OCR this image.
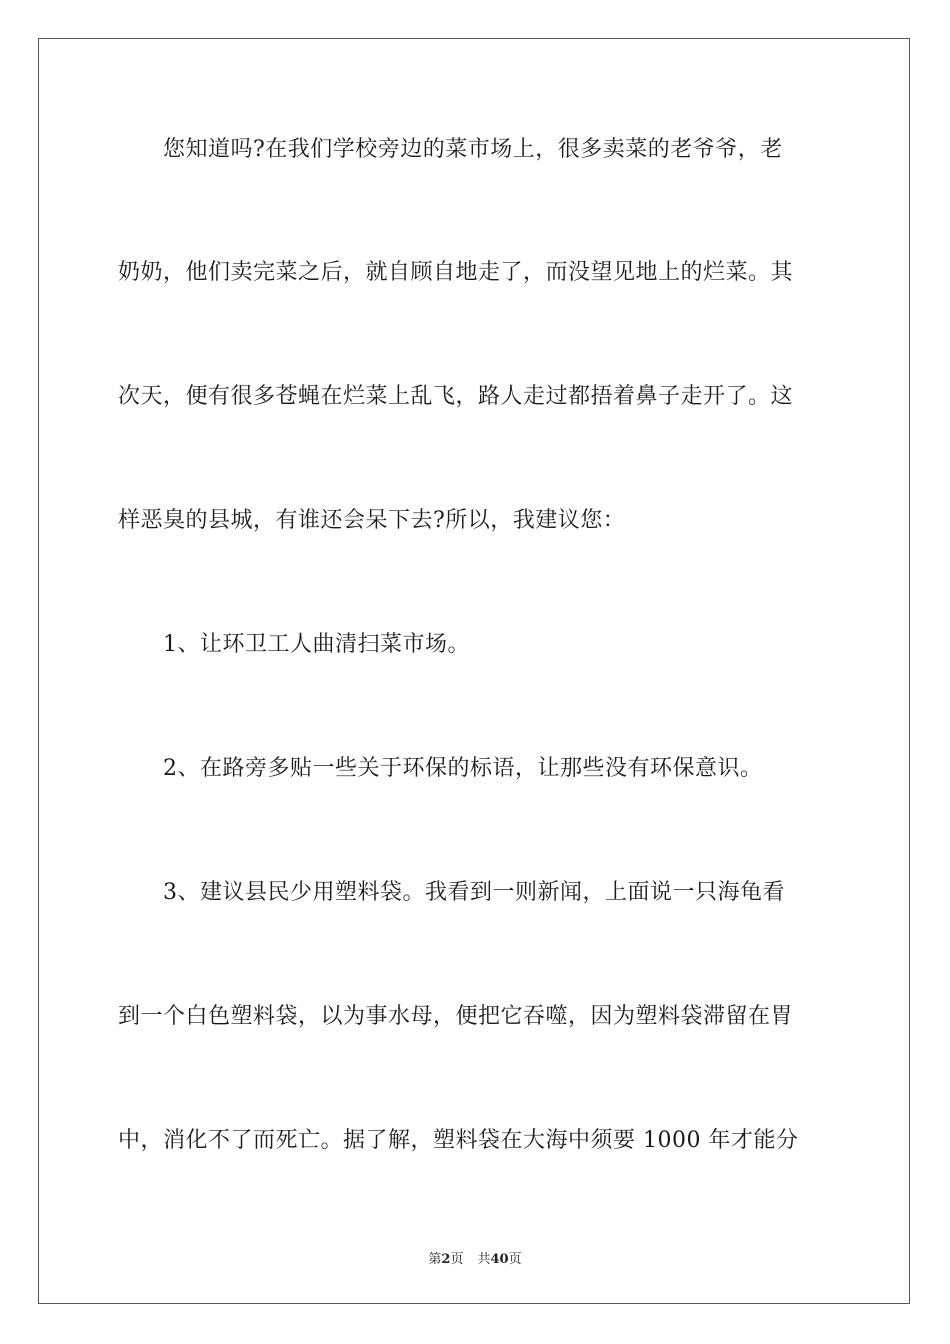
您知道吗?在我们学校旁边的菜市场上，很多卖菜的老爷爷，老
奶奶，他们卖完菜之后，就自顾自地走了，而没望见地上的烂菜。其
次天，便有很多苍蝇在烂菜上乱飞，路人走过都捂着鼻子走开了。这
样恶臭的县城，有谁还会呆下去?所以，我建议您：
1、让环卫工人曲清扫菜市场。
2、在路旁多贴一些关于环保的标语，让那些没有环保意识。
3、建议县民少用塑料袋。我看到一则新闻，上面说一只海龟看
到一个白色塑料袋，以为事水母，便把它吞噬，因为塑料袋滞留在胃
中，消化不了而死亡。据了解，塑料袋在大海中须要 1000 年才能分
第2页 共40页
